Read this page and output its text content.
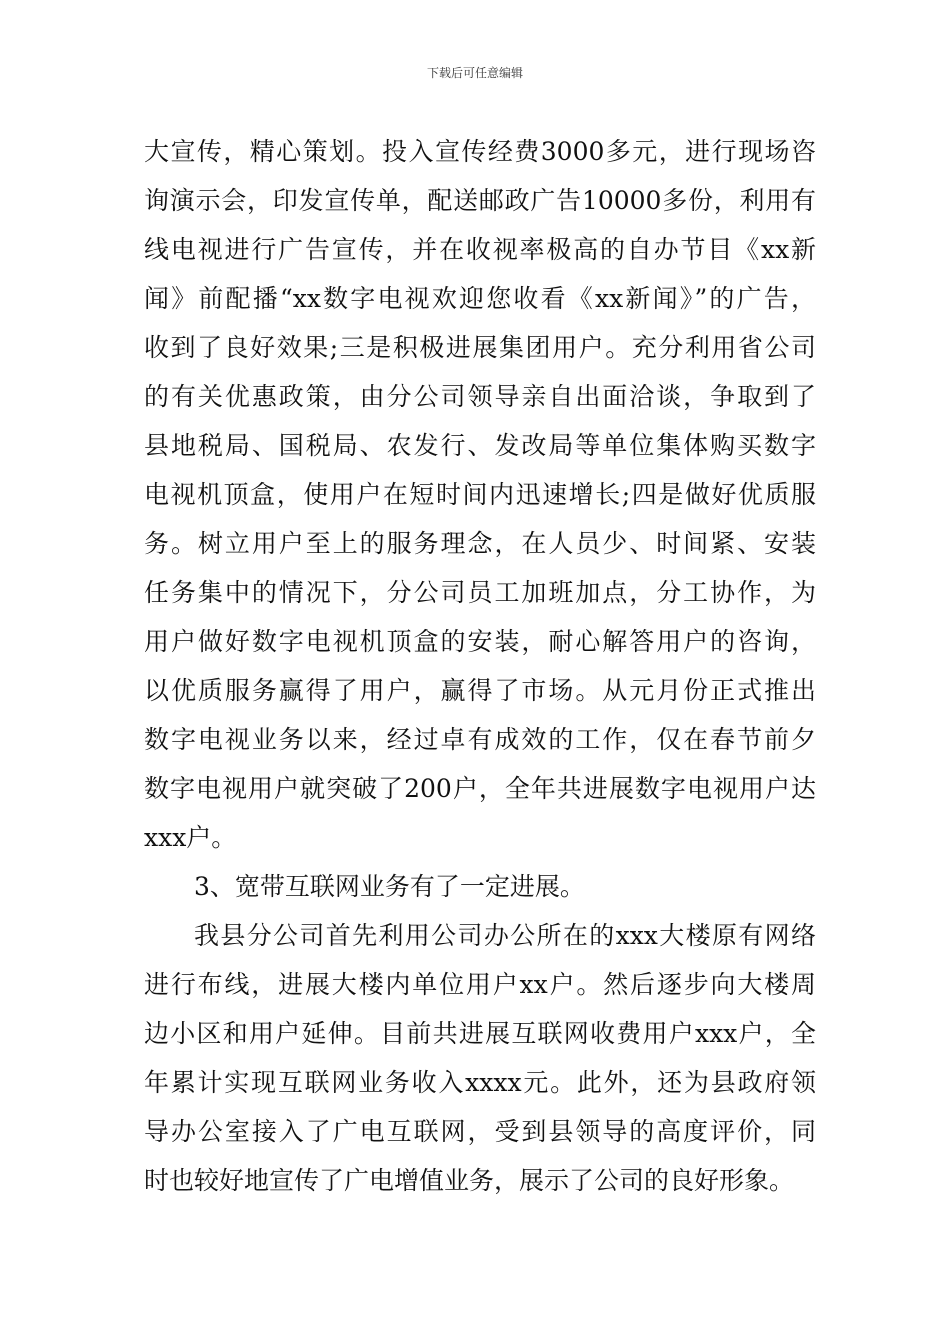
下载后可任意编辑
大宣传，精心策划。投入宣传经费3000多元，进行现场咨
询演示会，印发宣传单，配送邮政广告10000多份，利用有
线电视进行广告宣传，并在收视率极高的自办节目《xx新
闻》前配播“xx数字电视欢迎您收看《xx新闻》”的广告，
收到了良好效果;三是积极进展集团用户。充分利用省公司
的有关优惠政策，由分公司领导亲自出面洽谈，争取到了
县地税局、国税局、农发行、发改局等单位集体购买数字
电视机顶盒，使用户在短时间内迅速增长;四是做好优质服
务。树立用户至上的服务理念，在人员少、时间紧、安装
任务集中的情况下，分公司员工加班加点，分工协作，为
用户做好数字电视机顶盒的安装，耐心解答用户的咨询，
以优质服务赢得了用户，赢得了市场。从元月份正式推出
数字电视业务以来，经过卓有成效的工作，仅在春节前夕
数字电视用户就突破了200户，全年共进展数字电视用户达
xxx户。
3、宽带互联网业务有了一定进展。
我县分公司首先利用公司办公所在的xxx大楼原有网络
进行布线，进展大楼内单位用户xx户。然后逐步向大楼周
边小区和用户延伸。目前共进展互联网收费用户xxx户，全
年累计实现互联网业务收入xxxx元。此外，还为县政府领
导办公室接入了广电互联网，受到县领导的高度评价，同
时也较好地宣传了广电增值业务，展示了公司的良好形象。
